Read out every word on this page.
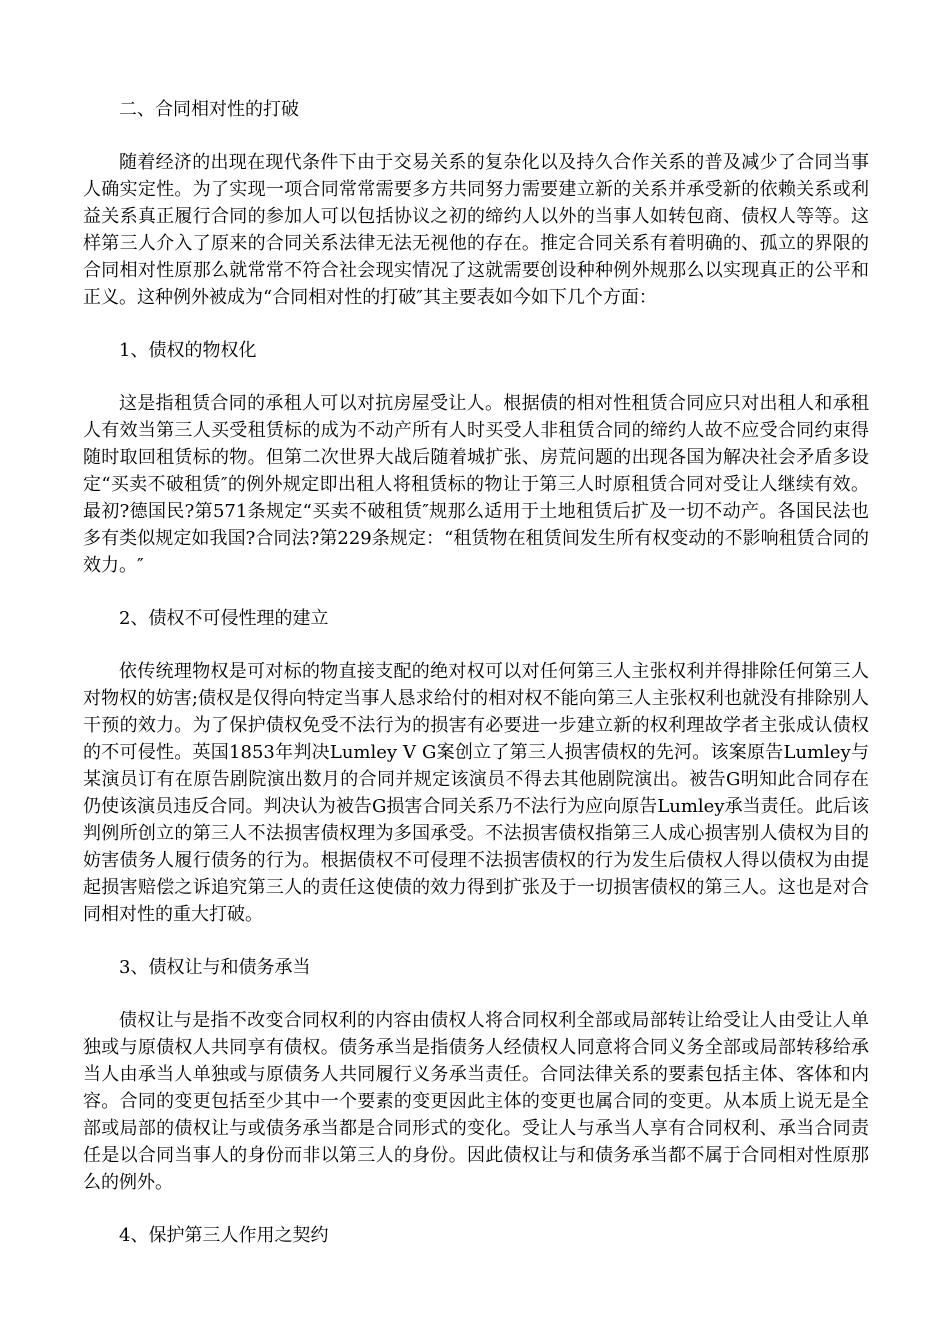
二、合同相对性的打破

随着经济的出现在现代条件下由于交易关系的复杂化以及持久合作关系的普及减少了合同当事人确实定性。为了实现一项合同常常需要多方共同努力需要建立新的关系并承受新的依赖关系或利益关系真正履行合同的参加人可以包括协议之初的缔约人以外的当事人如转包商、债权人等等。这样第三人介入了原来的合同关系法律无法无视他的存在。推定合同关系有着明确的、孤立的界限的合同相对性原那么就常常不符合社会现实情况了这就需要创设种种例外规那么以实现真正的公平和正义。这种例外被成为“合同相对性的打破″其主要表如今如下几个方面：

1、债权的物权化

这是指租赁合同的承租人可以对抗房屋受让人。根据债的相对性租赁合同应只对出租人和承租人有效当第三人买受租赁标的成为不动产所有人时买受人非租赁合同的缔约人故不应受合同约束得随时取回租赁标的物。但第二次世界大战后随着城扩张、房荒问题的出现各国为解决社会矛盾多设定“买卖不破租赁″的例外规定即出租人将租赁标的物让于第三人时原租赁合同对受让人继续有效。最初?德国民?第571条规定“买卖不破租赁″规那么适用于土地租赁后扩及一切不动产。各国民法也多有类似规定如我国?合同法?第229条规定：“租赁物在租赁间发生所有权变动的不影响租赁合同的效力。″

2、债权不可侵性理的建立

依传统理物权是可对标的物直接支配的绝对权可以对任何第三人主张权利并得排除任何第三人对物权的妨害;债权是仅得向特定当事人恳求给付的相对权不能向第三人主张权利也就没有排除别人干预的效力。为了保护债权免受不法行为的损害有必要进一步建立新的权利理故学者主张成认债权的不可侵性。英国1853年判决Lumley V G案创立了第三人损害债权的先河。该案原告Lumley与某演员订有在原告剧院演出数月的合同并规定该演员不得去其他剧院演出。被告G明知此合同存在仍使该演员违反合同。判决认为被告G损害合同关系乃不法行为应向原告Lumley承当责任。此后该判例所创立的第三人不法损害债权理为多国承受。不法损害债权指第三人成心损害别人债权为目的妨害债务人履行债务的行为。根据债权不可侵理不法损害债权的行为发生后债权人得以债权为由提起损害赔偿之诉追究第三人的责任这使债的效力得到扩张及于一切损害债权的第三人。这也是对合同相对性的重大打破。

3、债权让与和债务承当

债权让与是指不改变合同权利的内容由债权人将合同权利全部或局部转让给受让人由受让人单独或与原债权人共同享有债权。债务承当是指债务人经债权人同意将合同义务全部或局部转移给承当人由承当人单独或与原债务人共同履行义务承当责任。合同法律关系的要素包括主体、客体和内容。合同的变更包括至少其中一个要素的变更因此主体的变更也属合同的变更。从本质上说无是全部或局部的债权让与或债务承当都是合同形式的变化。受让人与承当人享有合同权利、承当合同责任是以合同当事人的身份而非以第三人的身份。因此债权让与和债务承当都不属于合同相对性原那么的例外。

4、保护第三人作用之契约
